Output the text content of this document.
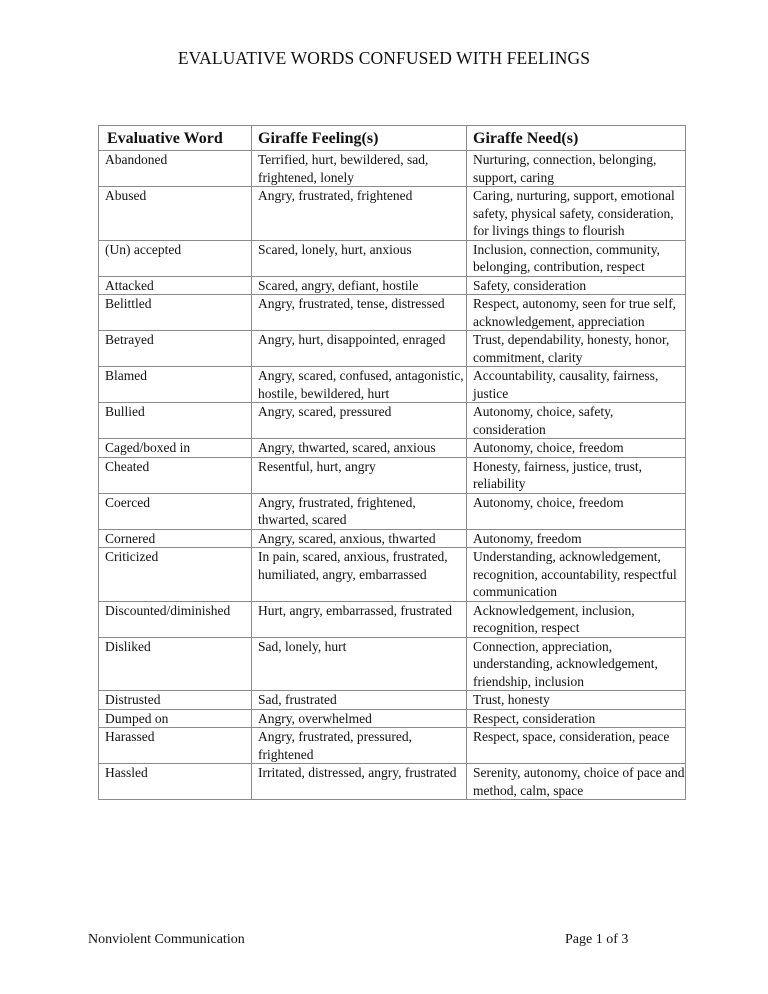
EVALUATIVE WORDS CONFUSED WITH FEELINGS
Evaluative Word	Giraffe Feeling(s)	Giraffe Need(s)
Abandoned	Terrified, hurt, bewildered, sad, frightened, lonely	Nurturing, connection, belonging, support, caring
Abused	Angry, frustrated, frightened	Caring, nurturing, support, emotional safety, physical safety, consideration, for livings things to flourish
(Un) accepted	Scared, lonely, hurt, anxious	Inclusion, connection, community, belonging, contribution, respect
Attacked	Scared, angry, defiant, hostile	Safety, consideration
Belittled	Angry, frustrated, tense, distressed	Respect, autonomy, seen for true self, acknowledgement, appreciation
Betrayed	Angry, hurt, disappointed, enraged	Trust, dependability, honesty, honor, commitment, clarity
Blamed	Angry, scared, confused, antagonistic, hostile, bewildered, hurt	Accountability, causality, fairness, justice
Bullied	Angry, scared, pressured	Autonomy, choice, safety, consideration
Caged/boxed in	Angry, thwarted, scared, anxious	Autonomy, choice, freedom
Cheated	Resentful, hurt, angry	Honesty, fairness, justice, trust, reliability
Coerced	Angry, frustrated, frightened, thwarted, scared	Autonomy, choice, freedom
Cornered	Angry, scared, anxious, thwarted	Autonomy, freedom
Criticized	In pain, scared, anxious, frustrated, humiliated, angry, embarrassed	Understanding, acknowledgement, recognition, accountability, respectful communication
Discounted/diminished	Hurt, angry, embarrassed, frustrated	Acknowledgement, inclusion, recognition, respect
Disliked	Sad, lonely, hurt	Connection, appreciation, understanding, acknowledgement, friendship, inclusion
Distrusted	Sad, frustrated	Trust, honesty
Dumped on	Angry, overwhelmed	Respect, consideration
Harassed	Angry, frustrated, pressured, frightened	Respect, space, consideration, peace
Hassled	Irritated, distressed, angry, frustrated	Serenity, autonomy, choice of pace and method, calm, space
Nonviolent Communication	Page 1 of 3
